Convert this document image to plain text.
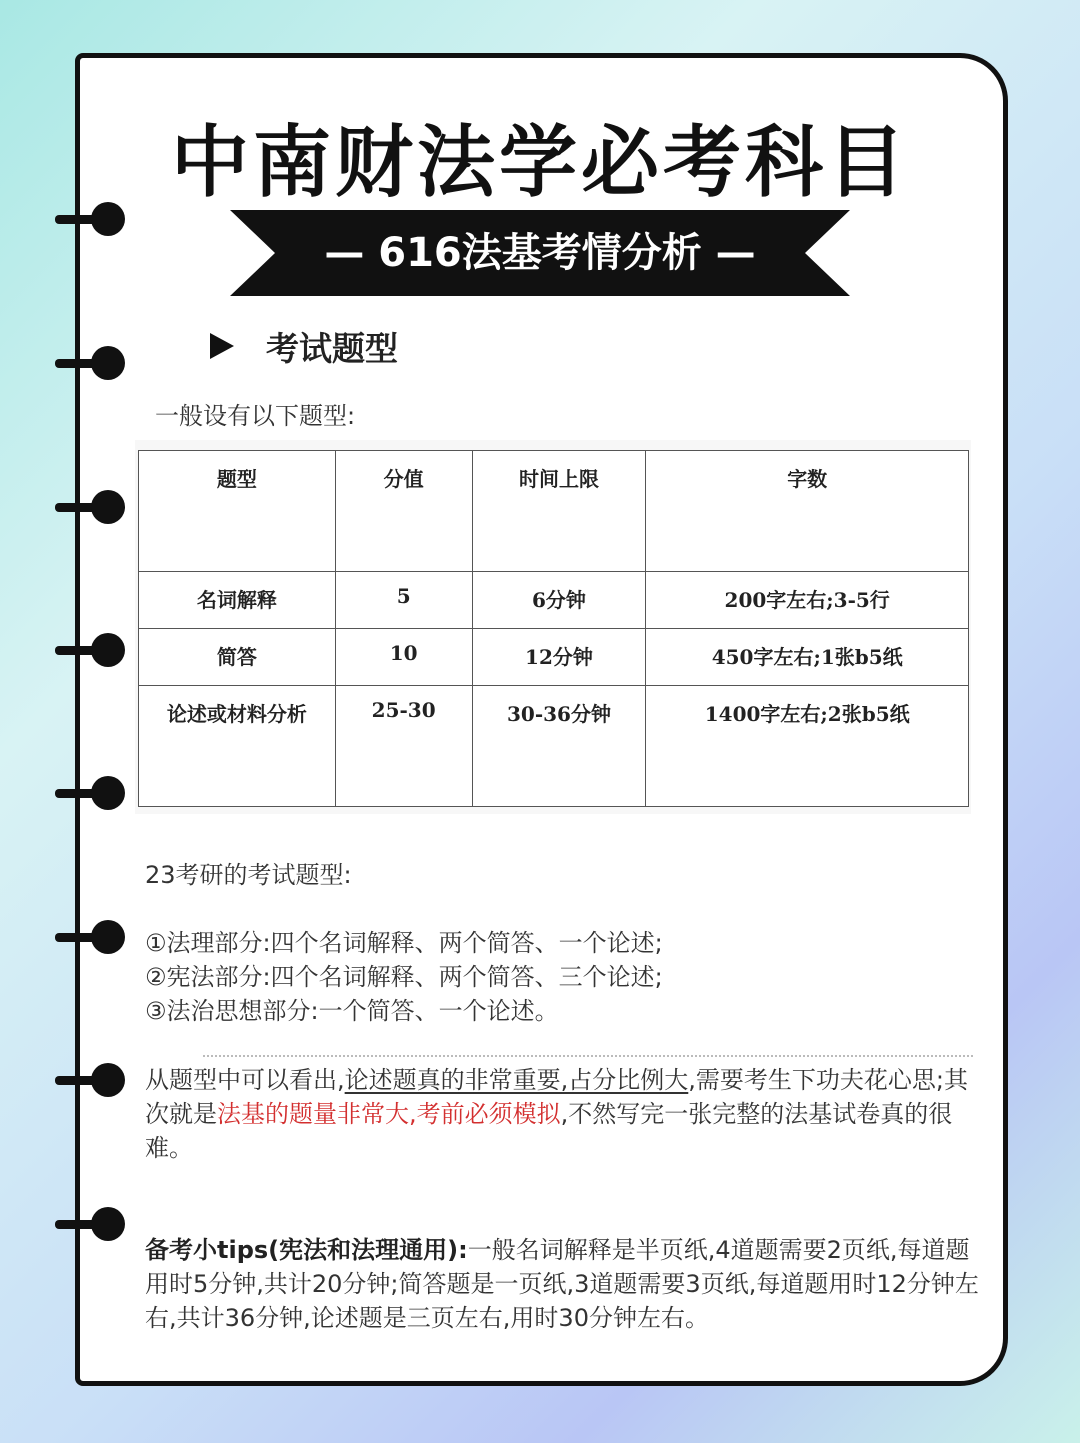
中南财法学必考科目
— 616法基考情分析 —
考试题型
一般设有以下题型:
题型	分值	时间上限	字数
名词解释	5	6分钟	200字左右;3-5行
简答	10	12分钟	450字左右;1张b5纸
论述或材料分析	25-30	30-36分钟	1400字左右;2张b5纸
23考研的考试题型:
①法理部分:四个名词解释、两个简答、一个论述;
②宪法部分:四个名词解释、两个简答、三个论述;
③法治思想部分:一个简答、一个论述。
从题型中可以看出,论述题真的非常重要,占分比例大,需要考生下功夫花心思;其次就是法基的题量非常大,考前必须模拟,不然写完一张完整的法基试卷真的很难。
备考小tips(宪法和法理通用):一般名词解释是半页纸,4道题需要2页纸,每道题用时5分钟,共计20分钟;简答题是一页纸,3道题需要3页纸,每道题用时12分钟左右,共计36分钟,论述题是三页左右,用时30分钟左右。
